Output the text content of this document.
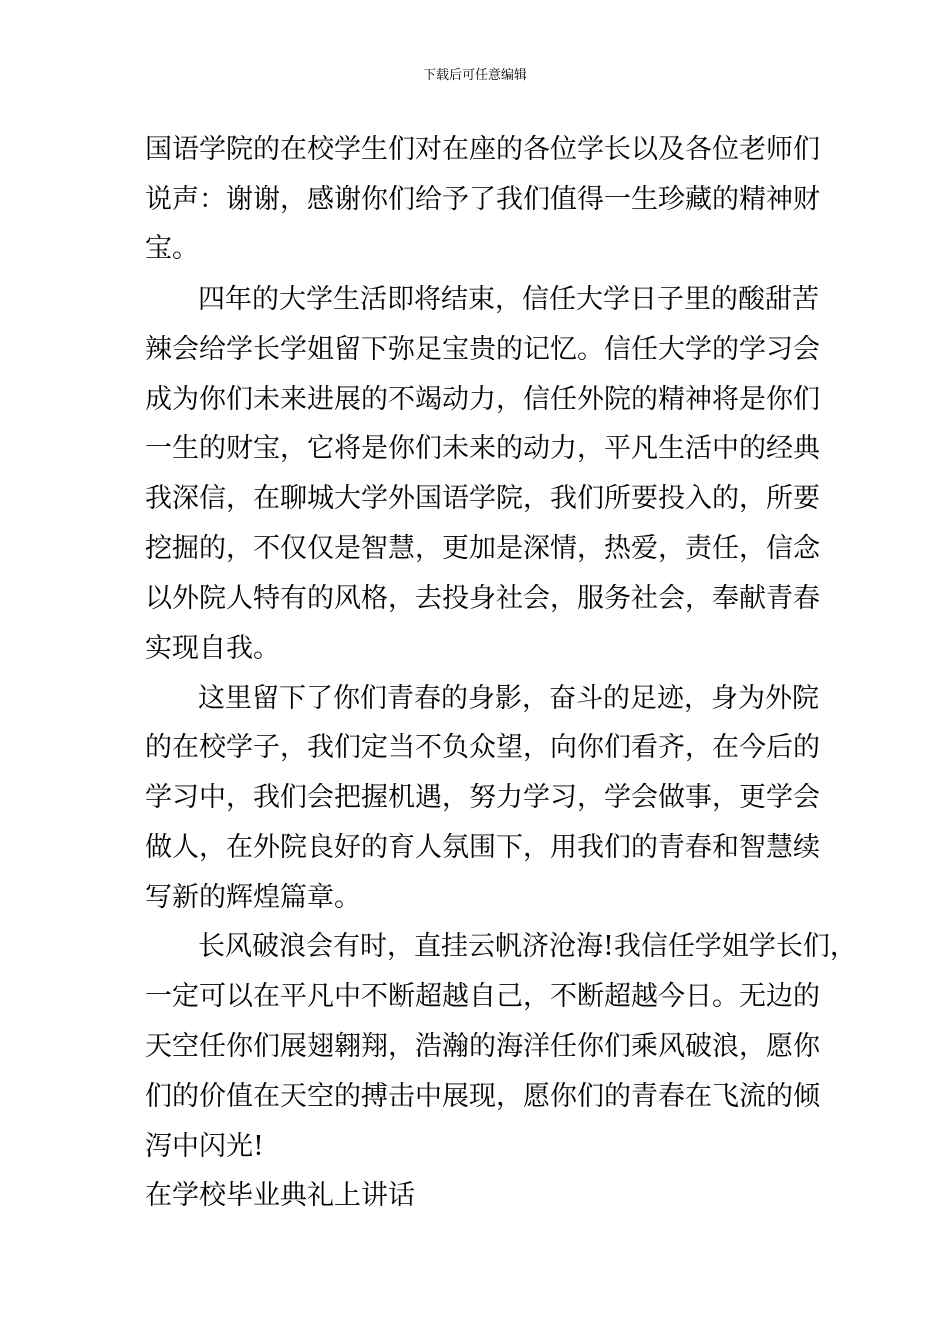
下载后可任意编辑
国语学院的在校学生们对在座的各位学长以及各位老师们
说声：谢谢，感谢你们给予了我们值得一生珍藏的精神财
宝。
四年的大学生活即将结束，信任大学日子里的酸甜苦
辣会给学长学姐留下弥足宝贵的记忆。信任大学的学习会
成为你们未来进展的不竭动力，信任外院的精神将是你们
一生的财宝，它将是你们未来的动力，平凡生活中的经典
我深信，在聊城大学外国语学院，我们所要投入的，所要
挖掘的，不仅仅是智慧，更加是深情，热爱，责任，信念
以外院人特有的风格，去投身社会，服务社会，奉献青春
实现自我。
这里留下了你们青春的身影，奋斗的足迹，身为外院
的在校学子，我们定当不负众望，向你们看齐，在今后的
学习中，我们会把握机遇，努力学习，学会做事，更学会
做人，在外院良好的育人氛围下，用我们的青春和智慧续
写新的辉煌篇章。
长风破浪会有时，直挂云帆济沧海!我信任学姐学长们，
一定可以在平凡中不断超越自己，不断超越今日。无边的
天空任你们展翅翱翔，浩瀚的海洋任你们乘风破浪，愿你
们的价值在天空的搏击中展现，愿你们的青春在飞流的倾
泻中闪光!
在学校毕业典礼上讲话
